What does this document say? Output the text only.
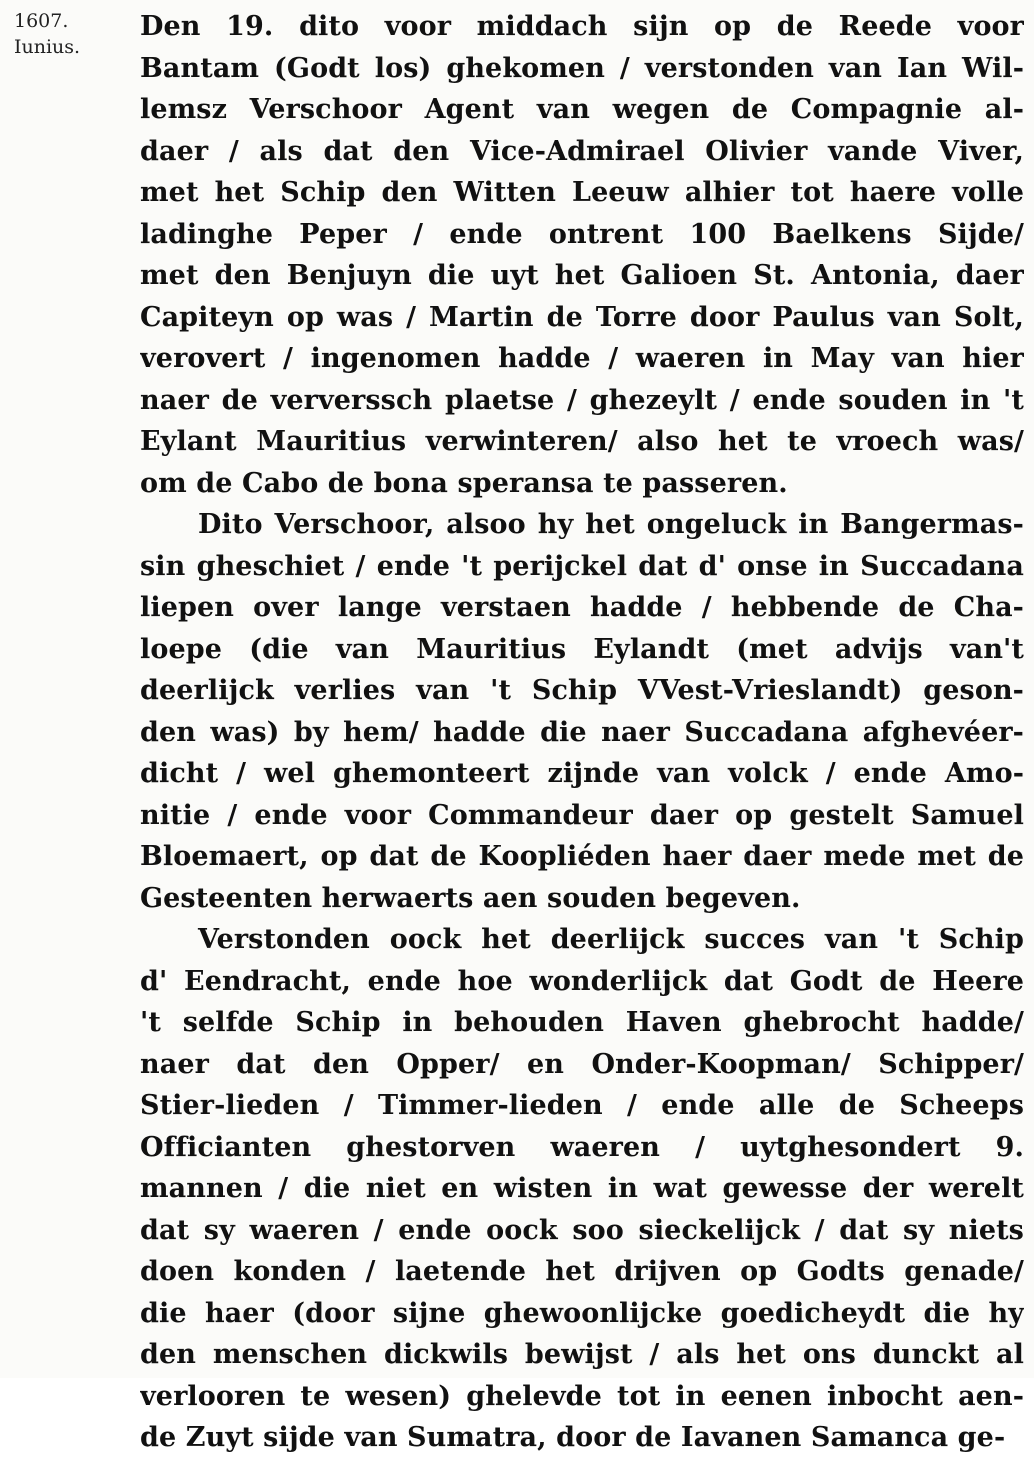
1607.
Iunius.
Den 19. dito voor middach sijn op de Reede voor
Bantam (Godt los) ghekomen / verstonden van Ian Wil-
lemsz Verschoor Agent van wegen de Compagnie al-
daer / als dat den Vice-Admirael Olivier vande Viver,
met het Schip den Witten Leeuw alhier tot haere volle
ladinghe Peper / ende ontrent 100 Baelkens Sijde/
met den Benjuyn die uyt het Galioen St. Antonia, daer
Capiteyn op was / Martin de Torre door Paulus van Solt,
verovert / ingenomen hadde / waeren in May van hier
naer de ververssch plaetse / ghezeylt / ende souden in 't
Eylant Mauritius verwinteren/ also het te vroech was/
om de Cabo de bona speransa te passeren.
Dito Verschoor, alsoo hy het ongeluck in Bangermas-
sin gheschiet / ende 't perijckel dat d' onse in Succadana
liepen over lange verstaen hadde / hebbende de Cha-
loepe (die van Mauritius Eylandt (met advijs van't
deerlijck verlies van 't Schip VVest-Vrieslandt) geson-
den was) by hem/ hadde die naer Succadana afghevéer-
dicht / wel ghemonteert zijnde van volck / ende Amo-
nitie / ende voor Commandeur daer op gestelt Samuel
Bloemaert, op dat de Koopliéden haer daer mede met de
Gesteenten herwaerts aen souden begeven.
Verstonden oock het deerlijck succes van 't Schip
d' Eendracht, ende hoe wonderlijck dat Godt de Heere
't selfde Schip in behouden Haven ghebrocht hadde/
naer dat den Opper/ en Onder-Koopman/ Schipper/
Stier-lieden / Timmer-lieden / ende alle de Scheeps
Officianten ghestorven waeren / uytghesondert 9.
mannen / die niet en wisten in wat gewesse der werelt
dat sy waeren / ende oock soo sieckelijck / dat sy niets
doen konden / laetende het drijven op Godts genade/
die haer (door sijne ghewoonlijcke goedicheydt die hy
den menschen dickwils bewijst / als het ons dunckt al
verlooren te wesen) ghelevde tot in eenen inbocht aen-
de Zuyt sijde van Sumatra, door de Iavanen Samanca ge-
